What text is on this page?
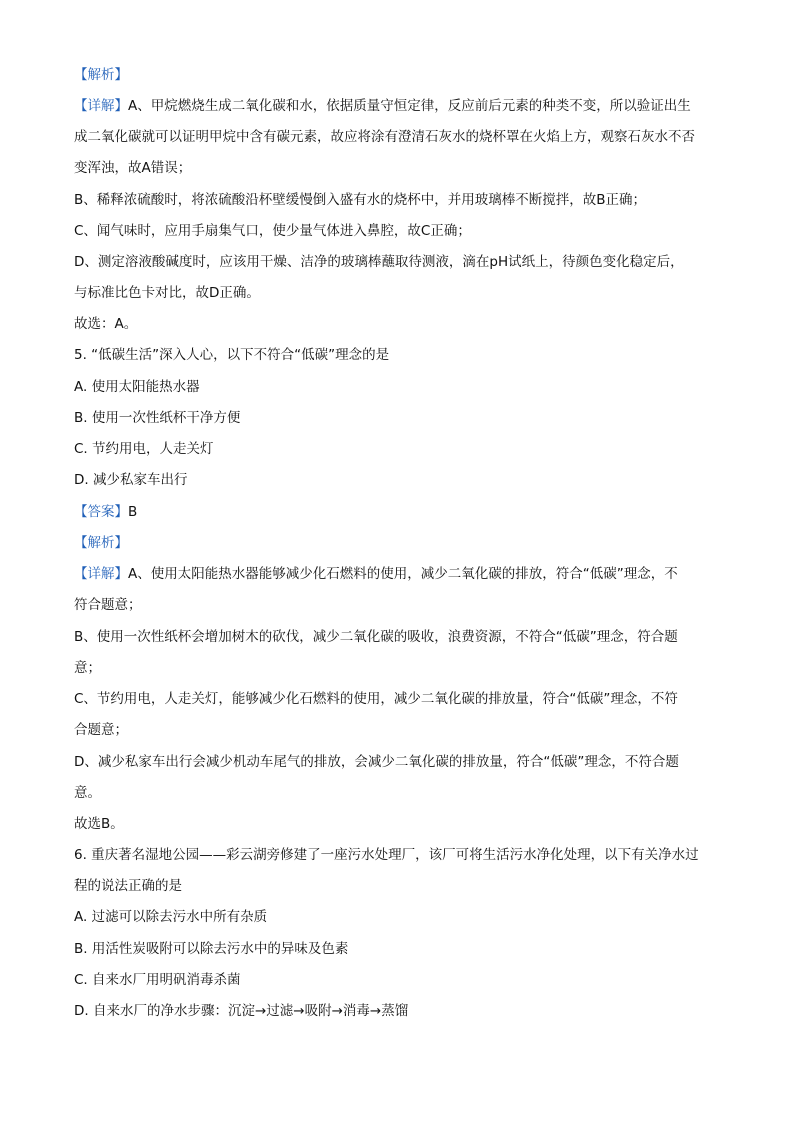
【解析】
【详解】A、甲烷燃烧生成二氧化碳和水，依据质量守恒定律，反应前后元素的种类不变，所以验证出生
成二氧化碳就可以证明甲烷中含有碳元素，故应将涂有澄清石灰水的烧杯罩在火焰上方，观察石灰水不否
变浑浊，故A错误；
B、稀释浓硫酸时，将浓硫酸沿杯壁缓慢倒入盛有水的烧杯中，并用玻璃棒不断搅拌，故B正确；
C、闻气味时，应用手扇集气口，使少量气体进入鼻腔，故C正确；
D、测定溶液酸碱度时，应该用干燥、洁净的玻璃棒蘸取待测液，滴在pH试纸上，待颜色变化稳定后，
与标准比色卡对比，故D正确。
故选：A。
5. “低碳生活”深入人心，以下不符合“低碳”理念的是
A. 使用太阳能热水器
B. 使用一次性纸杯干净方便
C. 节约用电，人走关灯
D. 减少私家车出行
【答案】B
【解析】
【详解】A、使用太阳能热水器能够减少化石燃料的使用，减少二氧化碳的排放，符合“低碳”理念，不
符合题意；
B、使用一次性纸杯会增加树木的砍伐，减少二氧化碳的吸收，浪费资源，不符合“低碳”理念，符合题
意；
C、节约用电，人走关灯，能够减少化石燃料的使用，减少二氧化碳的排放量，符合“低碳”理念，不符
合题意；
D、减少私家车出行会减少机动车尾气的排放，会减少二氧化碳的排放量，符合“低碳”理念，不符合题
意。
故选B。
6. 重庆著名湿地公园——彩云湖旁修建了一座污水处理厂，该厂可将生活污水净化处理，以下有关净水过
程的说法正确的是
A. 过滤可以除去污水中所有杂质
B. 用活性炭吸附可以除去污水中的异味及色素
C. 自来水厂用明矾消毒杀菌
D. 自来水厂的净水步骤：沉淀→过滤→吸附→消毒→蒸馏
